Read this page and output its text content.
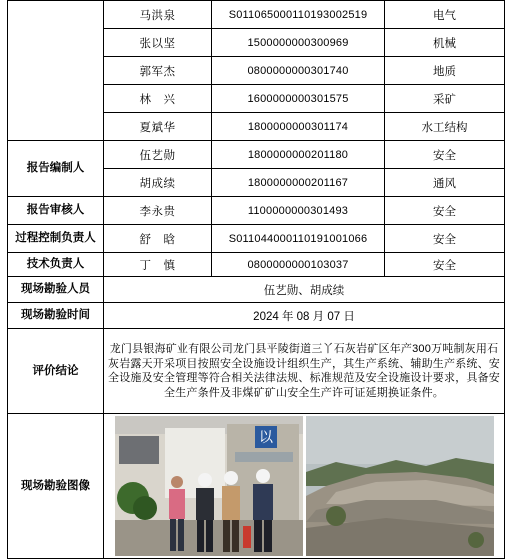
	马洪泉	S011065000110193002519	电气
	张以坚	1500000000300969	机械
	郭军杰	0800000000301740	地质
	林　兴	1600000000301575	采矿
	夏斌华	1800000000301174	水工结构
报告编制人	伍艺勋	1800000000201180	安全
	胡成续	1800000000201167	通风
报告审核人	李永贵	1100000000301493	安全
过程控制负责人	舒　晗	S011044000110191001066	安全
技术负责人	丁　慎	0800000000103037	安全
现场勘验人员	伍艺勋、胡成续		
现场勘验时间	2024 年 08 月 07 日		
评价结论	龙门县银海矿业有限公司龙门县平陵街道三丫石灰岩矿区年产300万吨制灰用石灰岩露天开采项目按照安全设施设计组织生产，其生产系统、辅助生产系统、安全设施及安全管理等符合相关法律法规、标准规范及安全设施设计要求，具备安全生产条件及非煤矿矿山安全生产许可证延期换证条件。		
现场勘验图像	以		
